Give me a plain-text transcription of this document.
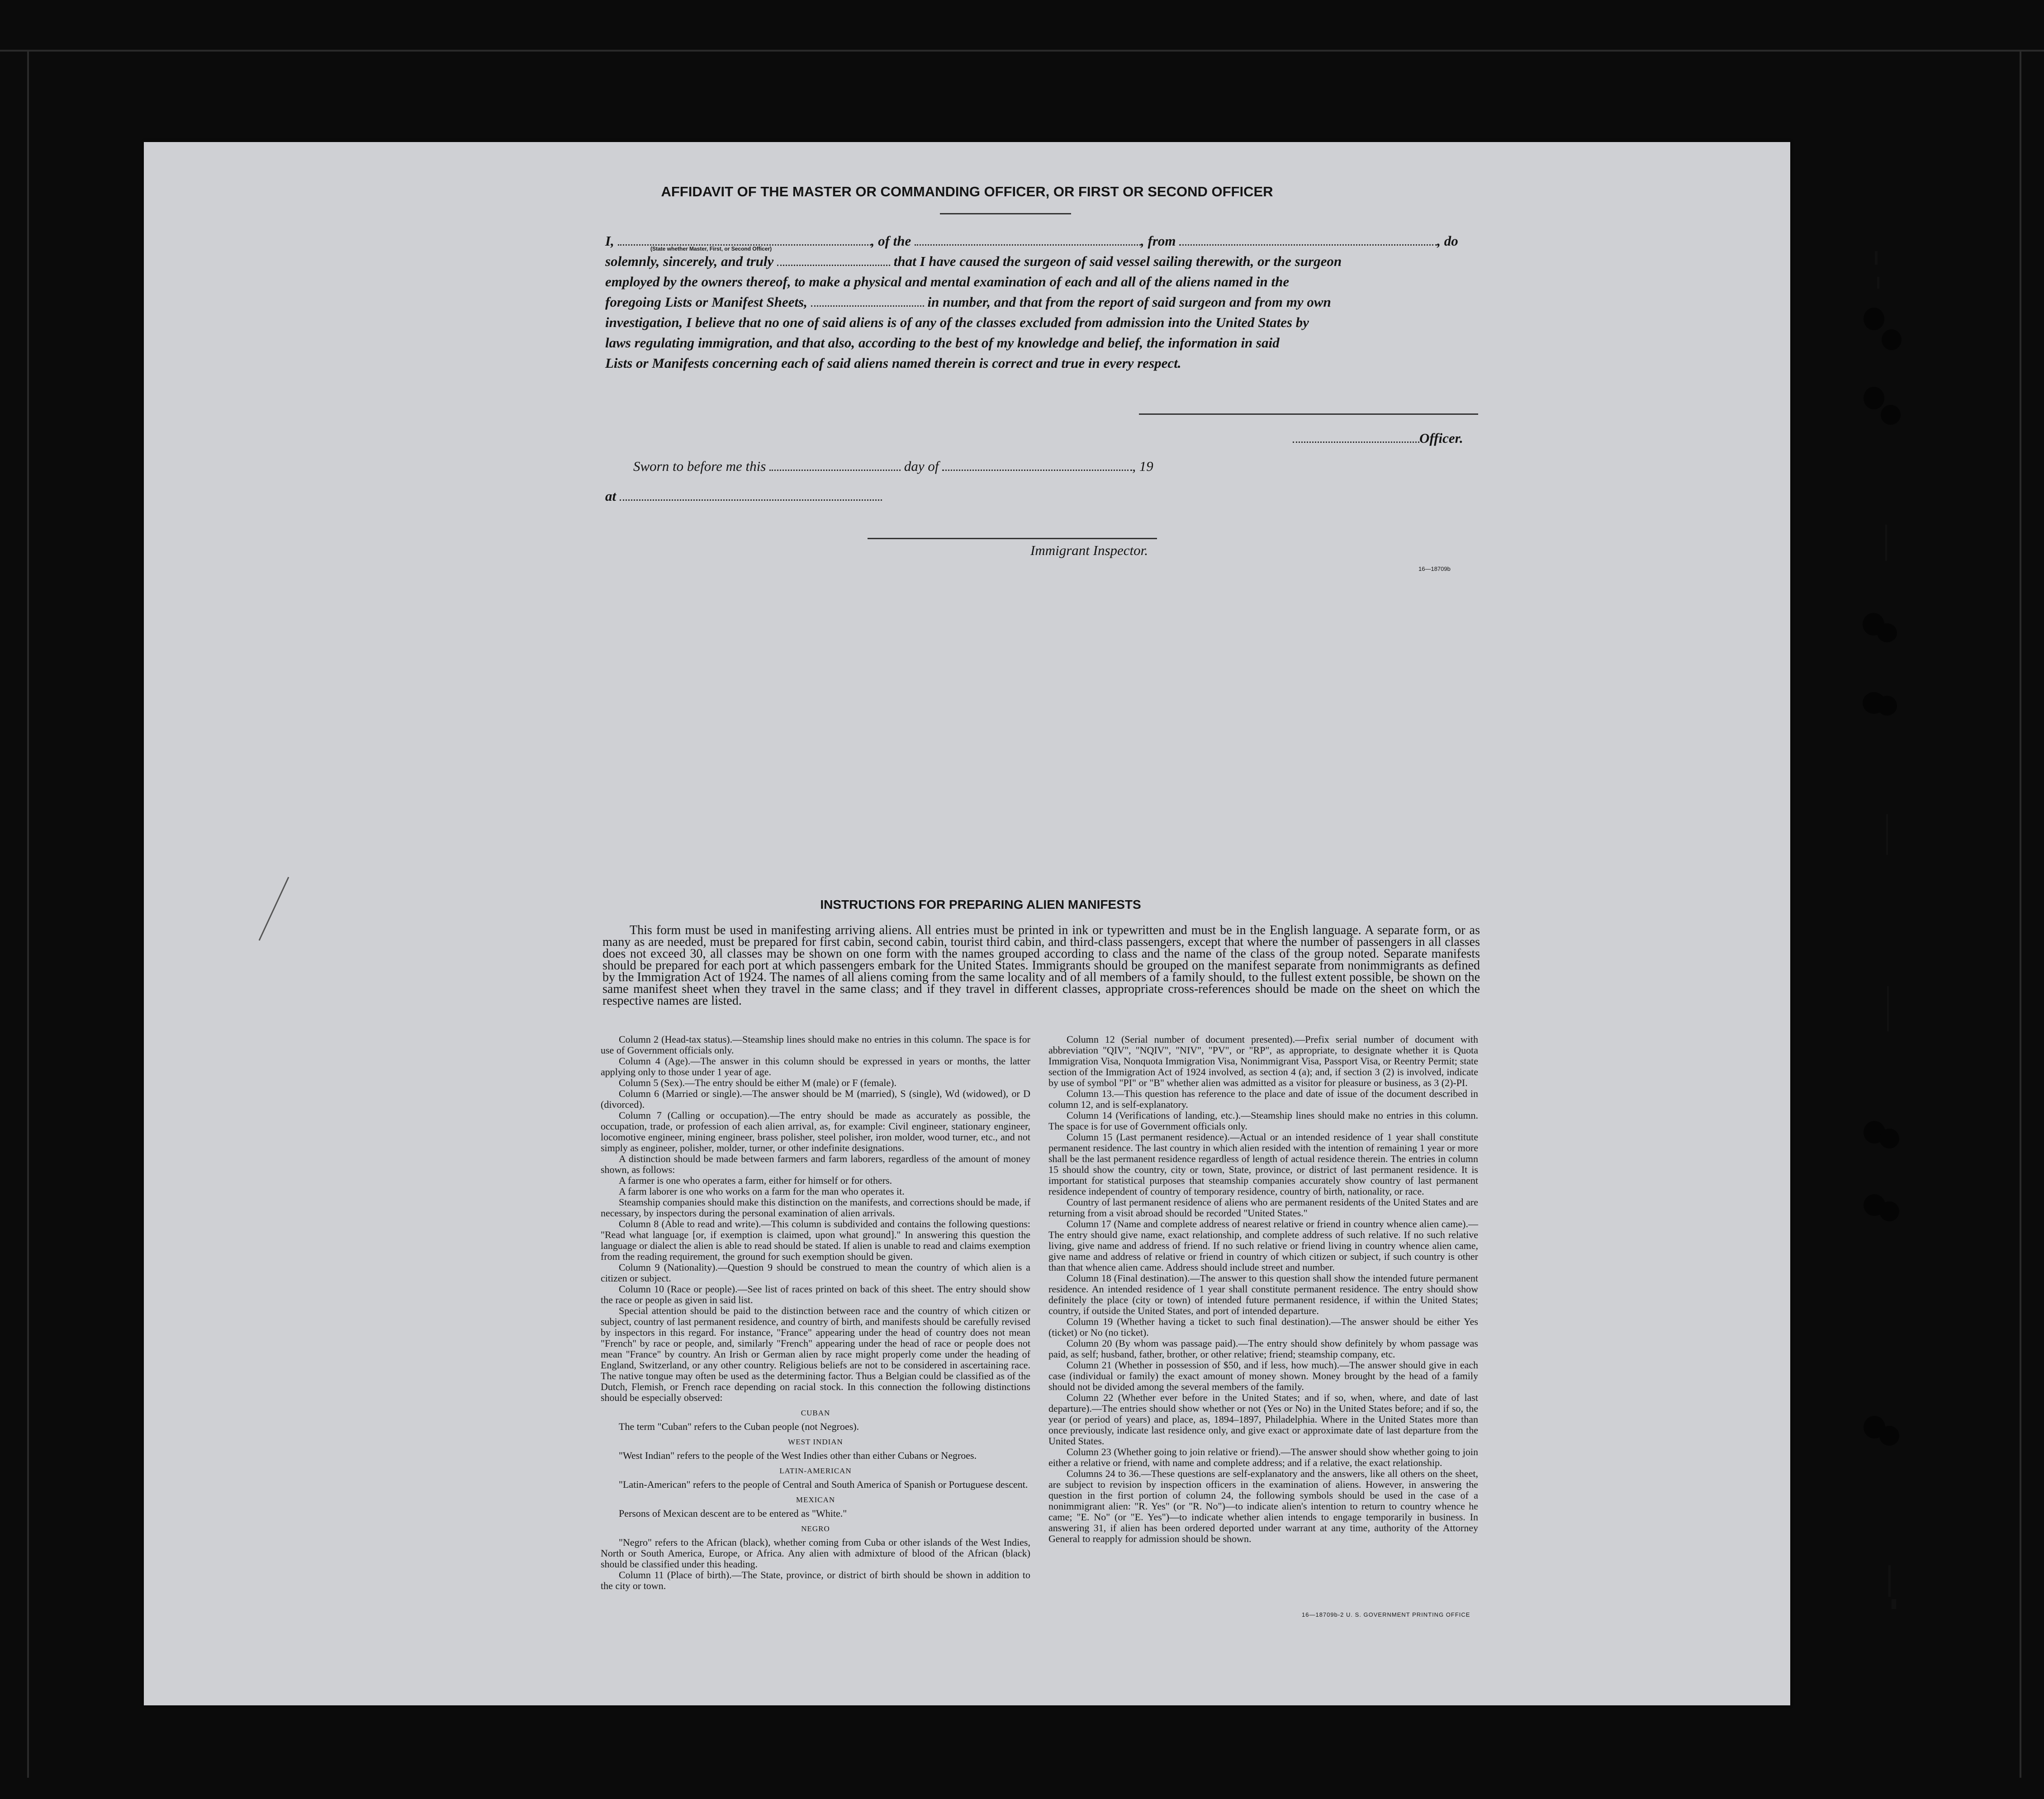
AFFIDAVIT OF THE MASTER OR COMMANDING OFFICER, OR FIRST OR SECOND OFFICER
I,	, of the	, from	, do
(State whether Master, First, or Second Officer)
solemnly, sincerely, and truly	that I have caused the surgeon of said vessel sailing therewith, or the surgeon
employed by the owners thereof, to make a physical and mental examination of each and all of the aliens named in the
foregoing Lists or Manifest Sheets,	in number, and that from the report of said surgeon and from my own
investigation, I believe that no one of said aliens is of any of the classes excluded from admission into the United States by
laws regulating immigration, and that also, according to the best of my knowledge and belief, the information in said
Lists or Manifests concerning each of said aliens named therein is correct and true in every respect.
Officer.
Sworn to before me this	day of	, 19
at
Immigrant Inspector.
16—18709b
INSTRUCTIONS FOR PREPARING ALIEN MANIFESTS
This form must be used in manifesting arriving aliens. All entries must be printed in ink or typewritten and must be in the English language. A separate form, or as many as are needed, must be prepared for first cabin, second cabin, tourist third cabin, and third-class passengers, except that where the number of passengers in all classes does not exceed 30, all classes may be shown on one form with the names grouped according to class and the name of the class of the group noted. Separate manifests should be prepared for each port at which passengers embark for the United States. Immigrants should be grouped on the manifest separate from nonimmigrants as defined by the Immigration Act of 1924. The names of all aliens coming from the same locality and of all members of a family should, to the fullest extent possible, be shown on the same manifest sheet when they travel in the same class; and if they travel in different classes, appropriate cross-references should be made on the sheet on which the respective names are listed.

Column 2 (Head-tax status).—Steamship lines should make no entries in this column. The space is for use of Government officials only.

Column 4 (Age).—The answer in this column should be expressed in years or months, the latter applying only to those under 1 year of age.

Column 5 (Sex).—The entry should be either M (male) or F (female).

Column 6 (Married or single).—The answer should be M (married), S (single), Wd (widowed), or D (divorced).

Column 7 (Calling or occupation).—The entry should be made as accurately as possible, the occupation, trade, or profession of each alien arrival, as, for example: Civil engineer, stationary engineer, locomotive engineer, mining engineer, brass polisher, steel polisher, iron molder, wood turner, etc., and not simply as engineer, polisher, molder, turner, or other indefinite designations.

A distinction should be made between farmers and farm laborers, regardless of the amount of money shown, as follows:

A farmer is one who operates a farm, either for himself or for others.

A farm laborer is one who works on a farm for the man who operates it.

Steamship companies should make this distinction on the manifests, and corrections should be made, if necessary, by inspectors during the personal examination of alien arrivals.

Column 8 (Able to read and write).—This column is subdivided and contains the following questions: "Read what language [or, if exemption is claimed, upon what ground]." In answering this question the language or dialect the alien is able to read should be stated. If alien is unable to read and claims exemption from the reading requirement, the ground for such exemption should be given.

Column 9 (Nationality).—Question 9 should be construed to mean the country of which alien is a citizen or subject.

Column 10 (Race or people).—See list of races printed on back of this sheet. The entry should show the race or people as given in said list.

Special attention should be paid to the distinction between race and the country of which citizen or subject, country of last permanent residence, and country of birth, and manifests should be carefully revised by inspectors in this regard. For instance, "France" appearing under the head of country does not mean "French" by race or people, and, similarly "French" appearing under the head of race or people does not mean "France" by country. An Irish or German alien by race might properly come under the heading of England, Switzerland, or any other country. Religious beliefs are not to be considered in ascertaining race. The native tongue may often be used as the determining factor. Thus a Belgian could be classified as of the Dutch, Flemish, or French race depending on racial stock. In this connection the following distinctions should be especially observed:

CUBAN

The term "Cuban" refers to the Cuban people (not Negroes).

WEST INDIAN

"West Indian" refers to the people of the West Indies other than either Cubans or Negroes.

LATIN-AMERICAN

"Latin-American" refers to the people of Central and South America of Spanish or Portuguese descent.

MEXICAN

Persons of Mexican descent are to be entered as "White."

NEGRO

"Negro" refers to the African (black), whether coming from Cuba or other islands of the West Indies, North or South America, Europe, or Africa. Any alien with admixture of blood of the African (black) should be classified under this heading.

Column 11 (Place of birth).—The State, province, or district of birth should be shown in addition to the city or town.

Column 12 (Serial number of document presented).—Prefix serial number of document with abbreviation "QIV", "NQIV", "NIV", "PV", or "RP", as appropriate, to designate whether it is Quota Immigration Visa, Nonquota Immigration Visa, Nonimmigrant Visa, Passport Visa, or Reentry Permit; state section of the Immigration Act of 1924 involved, as section 4 (a); and, if section 3 (2) is involved, indicate by use of symbol "PI" or "B" whether alien was admitted as a visitor for pleasure or business, as 3 (2)-PI.

Column 13.—This question has reference to the place and date of issue of the document described in column 12, and is self-explanatory.

Column 14 (Verifications of landing, etc.).—Steamship lines should make no entries in this column. The space is for use of Government officials only.

Column 15 (Last permanent residence).—Actual or an intended residence of 1 year shall constitute permanent residence. The last country in which alien resided with the intention of remaining 1 year or more shall be the last permanent residence regardless of length of actual residence therein. The entries in column 15 should show the country, city or town, State, province, or district of last permanent residence. It is important for statistical purposes that steamship companies accurately show country of last permanent residence independent of country of temporary residence, country of birth, nationality, or race.

Country of last permanent residence of aliens who are permanent residents of the United States and are returning from a visit abroad should be recorded "United States."

Column 17 (Name and complete address of nearest relative or friend in country whence alien came).—The entry should give name, exact relationship, and complete address of such relative. If no such relative living, give name and address of friend. If no such relative or friend living in country whence alien came, give name and address of relative or friend in country of which citizen or subject, if such country is other than that whence alien came. Address should include street and number.

Column 18 (Final destination).—The answer to this question shall show the intended future permanent residence. An intended residence of 1 year shall constitute permanent residence. The entry should show definitely the place (city or town) of intended future permanent residence, if within the United States; country, if outside the United States, and port of intended departure.

Column 19 (Whether having a ticket to such final destination).—The answer should be either Yes (ticket) or No (no ticket).

Column 20 (By whom was passage paid).—The entry should show definitely by whom passage was paid, as self; husband, father, brother, or other relative; friend; steamship company, etc.

Column 21 (Whether in possession of $50, and if less, how much).—The answer should give in each case (individual or family) the exact amount of money shown. Money brought by the head of a family should not be divided among the several members of the family.

Column 22 (Whether ever before in the United States; and if so, when, where, and date of last departure).—The entries should show whether or not (Yes or No) in the United States before; and if so, the year (or period of years) and place, as, 1894–1897, Philadelphia. Where in the United States more than once previously, indicate last residence only, and give exact or approximate date of last departure from the United States.

Column 23 (Whether going to join relative or friend).—The answer should show whether going to join either a relative or friend, with name and complete address; and if a relative, the exact relationship.

Columns 24 to 36.—These questions are self-explanatory and the answers, like all others on the sheet, are subject to revision by inspection officers in the examination of aliens. However, in answering the question in the first portion of column 24, the following symbols should be used in the case of a nonimmigrant alien: "R. Yes" (or "R. No")—to indicate alien's intention to return to country whence he came; "E. No" (or "E. Yes")—to indicate whether alien intends to engage temporarily in business. In answering 31, if alien has been ordered deported under warrant at any time, authority of the Attorney General to reapply for admission should be shown.

16—18709b-2 U. S. GOVERNMENT PRINTING OFFICE
